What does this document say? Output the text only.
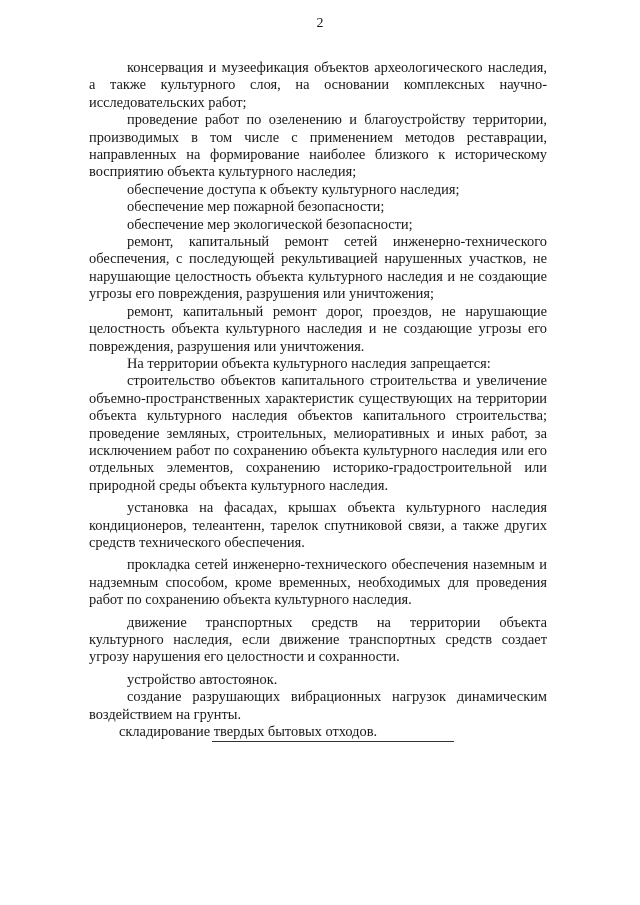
2

консервация и музеефикация объектов археологического наследия, а также культурного слоя, на основании комплексных научно-исследовательских работ;

проведение работ по озеленению и благоустройству территории, производимых в том числе с применением методов реставрации, направленных на формирование наиболее близкого к историческому восприятию объекта культурного наследия;

обеспечение доступа к объекту культурного наследия;

обеспечение мер пожарной безопасности;

обеспечение мер экологической безопасности;

ремонт, капитальный ремонт сетей инженерно-технического обеспечения, с последующей рекультивацией нарушенных участков, не нарушающие целостность объекта культурного наследия и не создающие угрозы его повреждения, разрушения или уничтожения;

ремонт, капитальный ремонт дорог, проездов, не нарушающие целостность объекта культурного наследия и не создающие угрозы его повреждения, разрушения или уничтожения.

На территории объекта культурного наследия запрещается:

строительство объектов капитального строительства и увеличение объемно-пространственных характеристик существующих на территории объекта культурного наследия объектов капитального строительства; проведение земляных, строительных, мелиоративных и иных работ, за исключением работ по сохранению объекта культурного наследия или его отдельных элементов, сохранению историко-градостроительной или природной среды объекта культурного наследия.

установка на фасадах, крышах объекта культурного наследия кондиционеров, телеантенн, тарелок спутниковой связи, а также других средств технического обеспечения.

прокладка сетей инженерно-технического обеспечения наземным и надземным способом, кроме временных, необходимых для проведения работ по сохранению объекта культурного наследия.

движение транспортных средств на территории объекта культурного наследия, если движение транспортных средств создает угрозу нарушения его целостности и сохранности.

устройство автостоянок.

создание разрушающих вибрационных нагрузок динамическим воздействием на грунты.

складирование твердых бытовых отходов.
